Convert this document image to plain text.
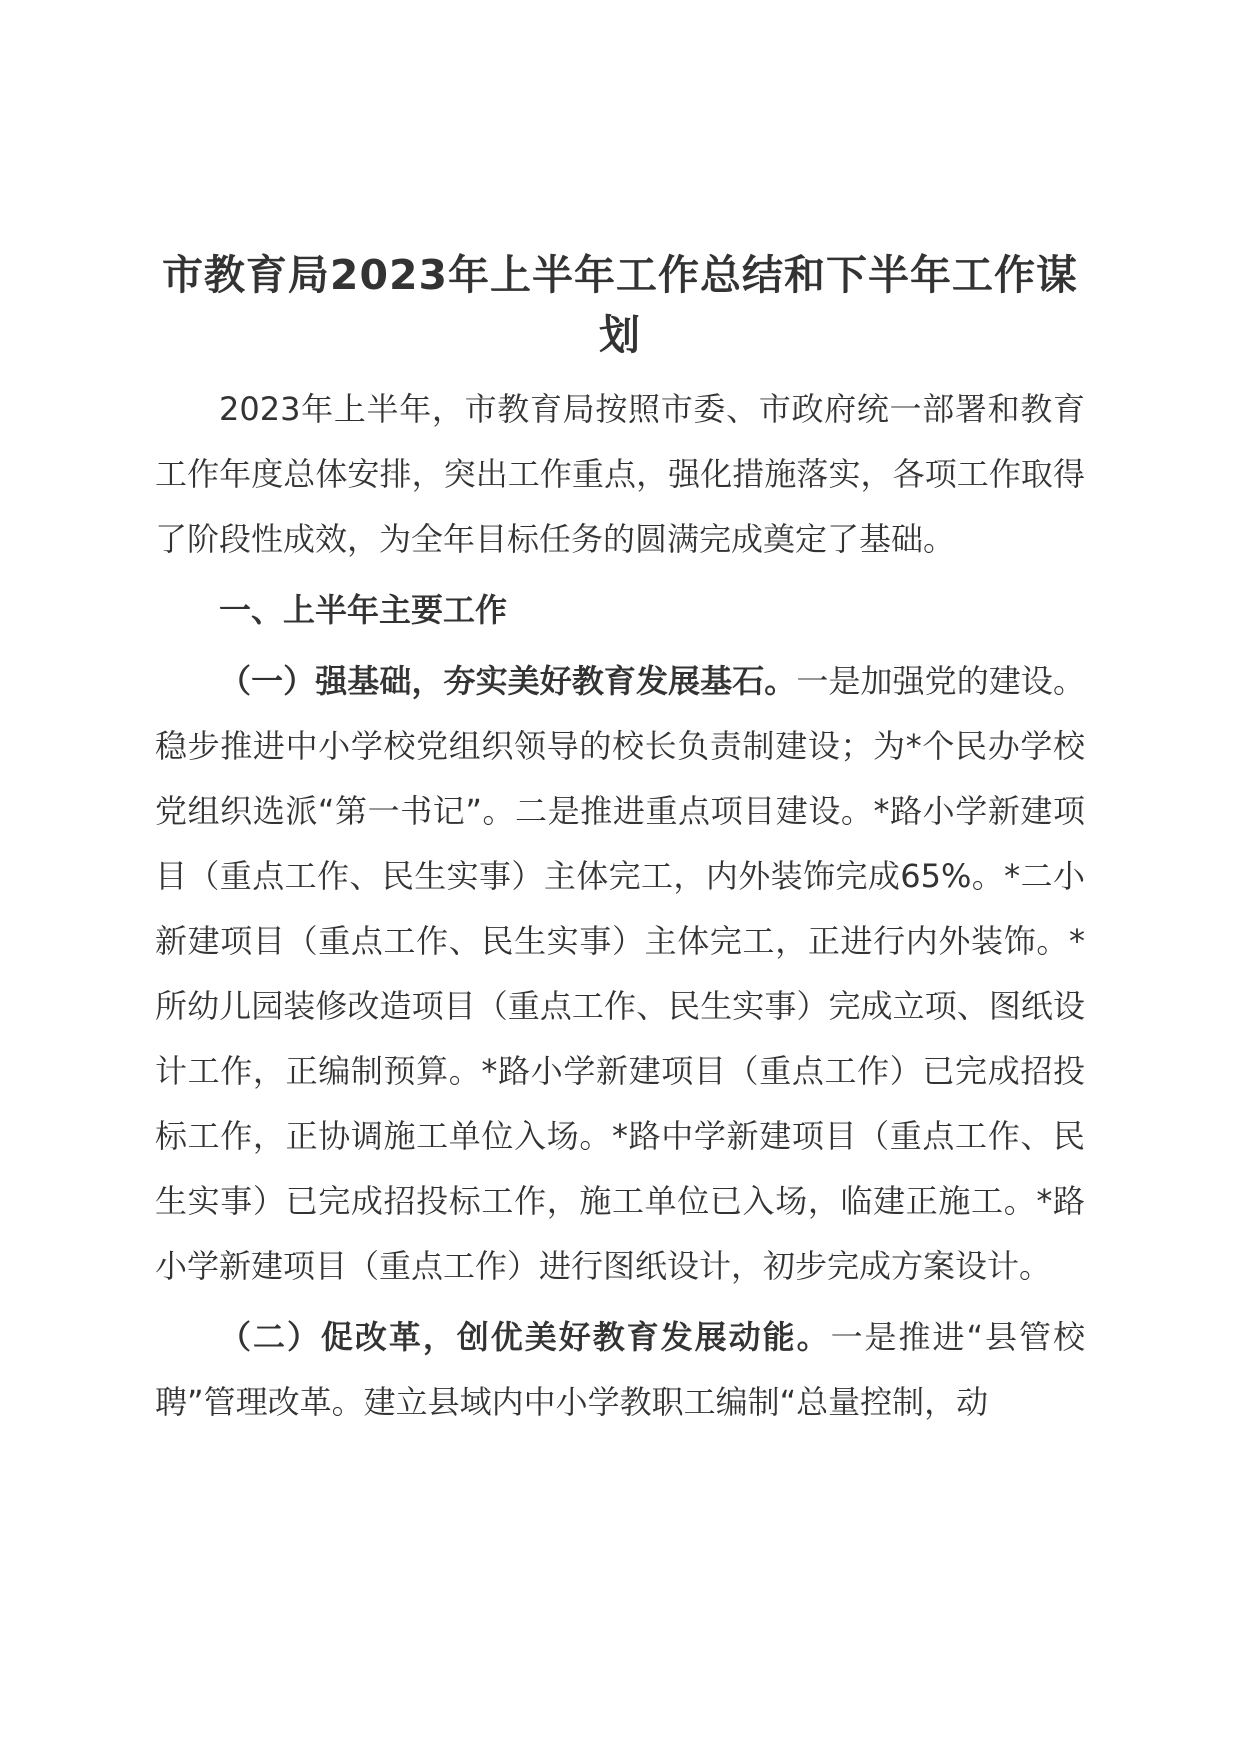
市教育局2023年上半年工作总结和下半年工作谋划

2023年上半年，市教育局按照市委、市政府统一部署和教育工作年度总体安排，突出工作重点，强化措施落实，各项工作取得了阶段性成效，为全年目标任务的圆满完成奠定了基础。

一、上半年主要工作

（一）强基础，夯实美好教育发展基石。一是加强党的建设。稳步推进中小学校党组织领导的校长负责制建设；为*个民办学校党组织选派“第一书记”。二是推进重点项目建设。*路小学新建项目（重点工作、民生实事）主体完工，内外装饰完成65%。*二小新建项目（重点工作、民生实事）主体完工，正进行内外装饰。*所幼儿园装修改造项目（重点工作、民生实事）完成立项、图纸设计工作，正编制预算。*路小学新建项目（重点工作）已完成招投标工作，正协调施工单位入场。*路中学新建项目（重点工作、民生实事）已完成招投标工作，施工单位已入场，临建正施工。*路小学新建项目（重点工作）进行图纸设计，初步完成方案设计。

（二）促改革，创优美好教育发展动能。一是推进“县管校聘”管理改革。建立县域内中小学教职工编制“总量控制，动
